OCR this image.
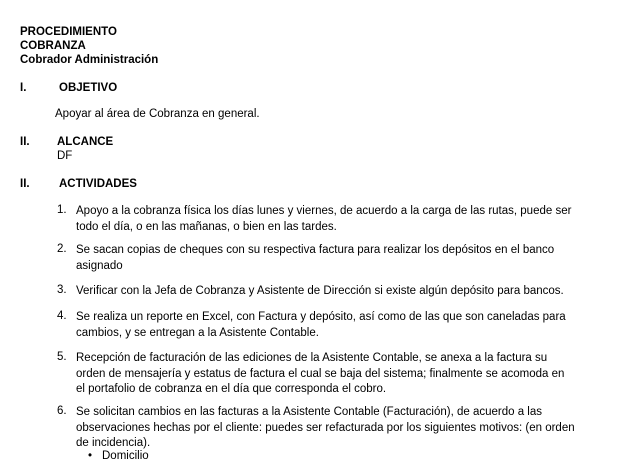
PROCEDIMIENTO
COBRANZA
Cobrador Administración
I.	OBJETIVO
Apoyar al área de Cobranza en general.
II. ALCANCE
DF
II.	ACTIVIDADES
1. Apoyo a la cobranza física los días lunes y viernes, de acuerdo a la carga de las rutas, puede ser
todo el día, o en las mañanas, o bien en las tardes.
2. Se sacan copias de cheques con su respectiva factura para realizar los depósitos en el banco
asignado
3. Verificar con la Jefa de Cobranza y Asistente de Dirección si existe algún depósito para bancos.
4. Se realiza un reporte en Excel, con Factura y depósito, así como de las que son caneladas para
cambios, y se entregan a la Asistente Contable.
5. Recepción de facturación de las ediciones de la Asistente Contable, se anexa a la factura su
orden de mensajería y estatus de factura el cual se baja del sistema; finalmente se acomoda en
el portafolio de cobranza en el día que corresponda el cobro.
6. Se solicitan cambios en las facturas a la Asistente Contable (Facturación), de acuerdo a las
observaciones hechas por el cliente: puedes ser refacturada por los siguientes motivos: (en orden
de incidencia).
• Domicilio
